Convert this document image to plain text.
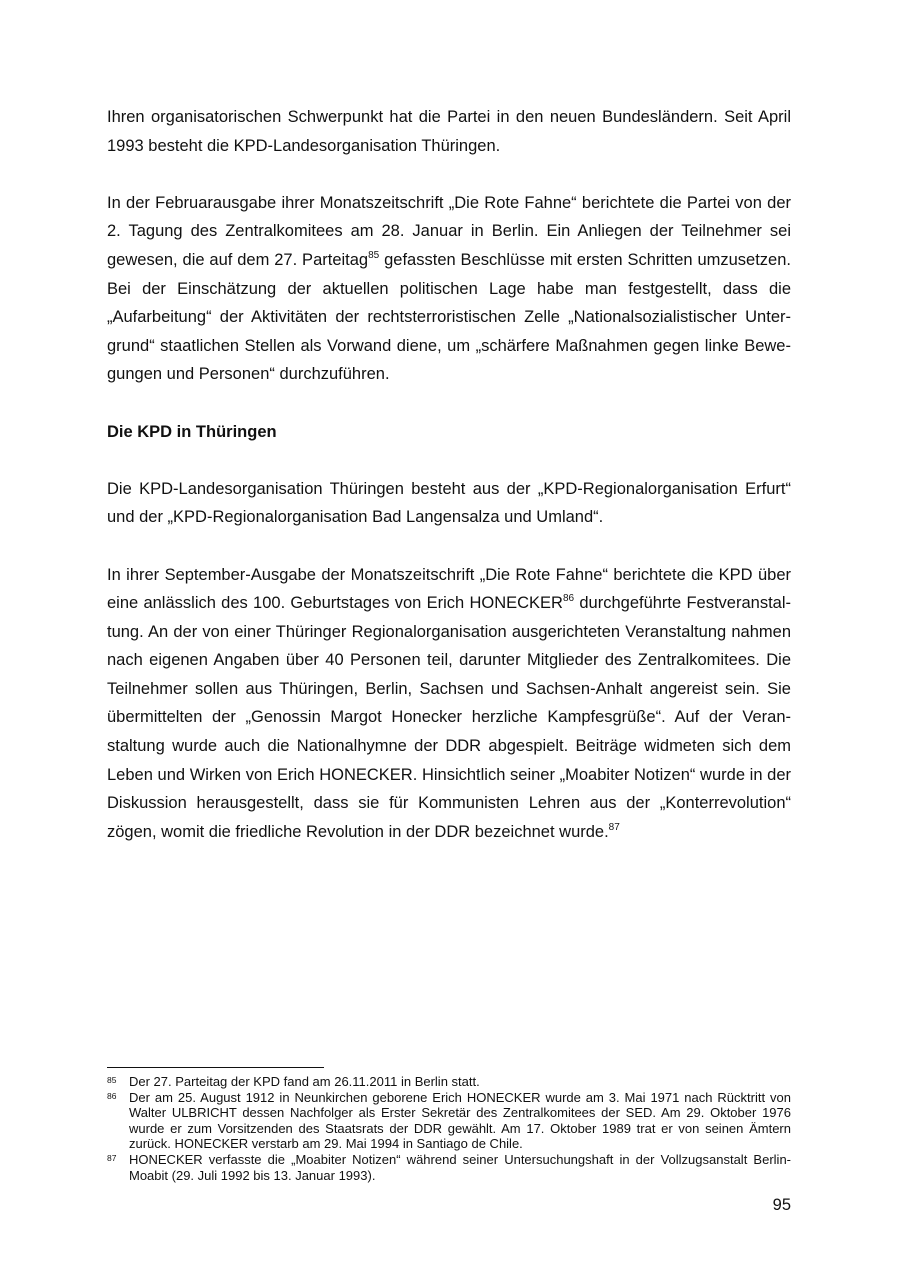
Ihren organisatorischen Schwerpunkt hat die Partei in den neuen Bundesländern. Seit April 1993 besteht die KPD-Landesorganisation Thüringen.

In der Februarausgabe ihrer Monatszeitschrift „Die Rote Fahne“ berichtete die Partei von der 2. Tagung des Zentralkomitees am 28. Januar in Berlin. Ein Anliegen der Teilnehmer sei gewesen, die auf dem 27. Parteitag$^{85}$ gefassten Beschlüsse mit ersten Schritten umzusetzen. Bei der Einschätzung der aktuellen politischen Lage habe man festgestellt, dass die „Aufarbeitung“ der Aktivitäten der rechtsterroristischen Zelle „Nationalsozialistischer Untergrund“ staatlichen Stellen als Vorwand diene, um „schärfere Maßnahmen gegen linke Bewegungen und Personen“ durchzuführen.

Die KPD in Thüringen

Die KPD-Landesorganisation Thüringen besteht aus der „KPD-Regionalorganisation Erfurt“ und der „KPD-Regionalorganisation Bad Langensalza und Umland“.

In ihrer September-Ausgabe der Monatszeitschrift „Die Rote Fahne“ berichtete die KPD über eine anlässlich des 100. Geburtstages von Erich HONECKER$^{86}$ durchgeführte Festveranstaltung. An der von einer Thüringer Regionalorganisation ausgerichteten Veranstaltung nahmen nach eigenen Angaben über 40 Personen teil, darunter Mitglieder des Zentralkomitees. Die Teilnehmer sollen aus Thüringen, Berlin, Sachsen und Sachsen-Anhalt angereist sein. Sie übermittelten der „Genossin Margot Honecker herzliche Kampfesgrüße“. Auf der Veranstaltung wurde auch die Nationalhymne der DDR abgespielt. Beiträge widmeten sich dem Leben und Wirken von Erich HONECKER. Hinsichtlich seiner „Moabiter Notizen“ wurde in der Diskussion herausgestellt, dass sie für Kommunisten Lehren aus der „Konterrevolution“ zögen, womit die friedliche Revolution in der DDR bezeichnet wurde.$^{87}$

85 Der 27. Parteitag der KPD fand am 26.11.2011 in Berlin statt.
86 Der am 25. August 1912 in Neunkirchen geborene Erich HONECKER wurde am 3. Mai 1971 nach Rücktritt von Walter ULBRICHT dessen Nachfolger als Erster Sekretär des Zentralkomitees der SED. Am 29. Oktober 1976 wurde er zum Vorsitzenden des Staatsrats der DDR gewählt. Am 17. Oktober 1989 trat er von seinen Ämtern zurück. HONECKER verstarb am 29. Mai 1994 in Santiago de Chile.
87 HONECKER verfasste die „Moabiter Notizen“ während seiner Untersuchungshaft in der Vollzugsanstalt Berlin-Moabit (29. Juli 1992 bis 13. Januar 1993).
95
